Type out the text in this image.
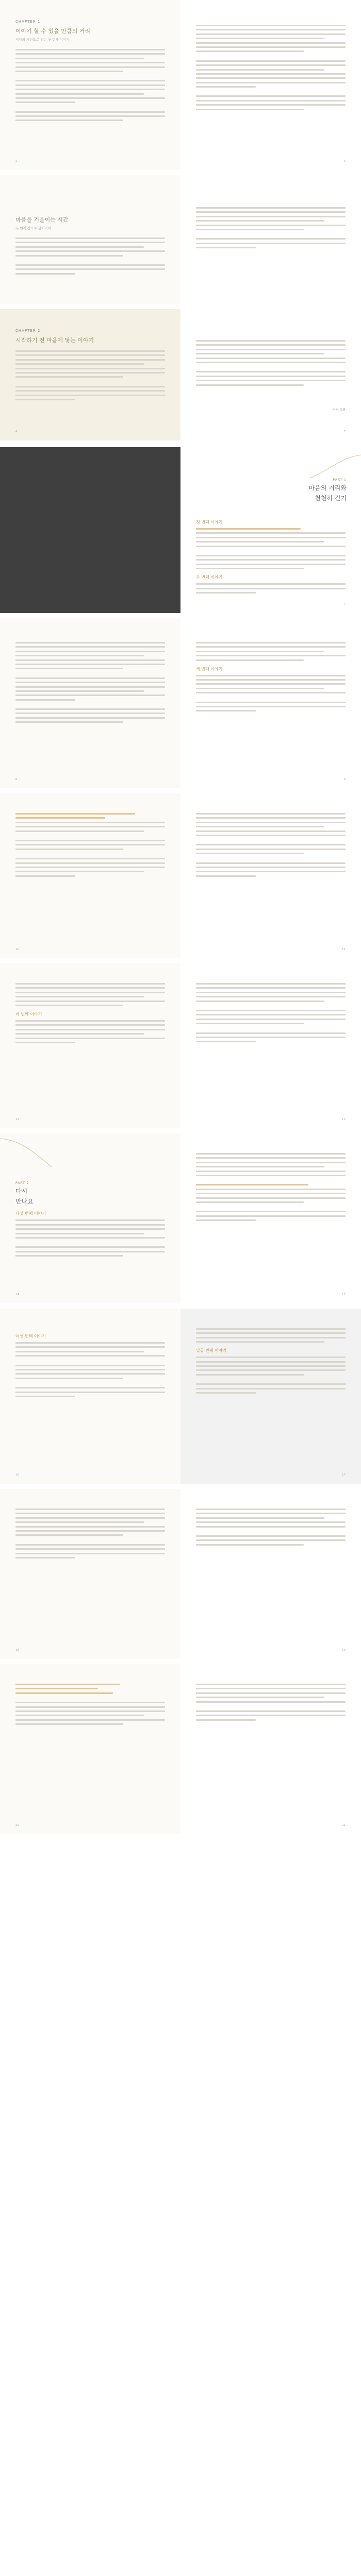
CHAPTER 1
이야기 할 수 있을 만큼의 거리
저자의 시선으로 읽는 첫 번째 이야기
2	3
마음을 기울이는 시간
두 번째 장으로 넘어가며
CHAPTER 2
시작하기 전 마음에 닿는 이야기
4
저자 드림
5
PART 1
마음의 거리와
천천히 걷기
첫 번째 이야기
두 번째 이야기
7
8
세 번째 이야기
9
10	11
네 번째 이야기
12	13
PART 2
다시
만나요
다섯 번째 이야기
14	15
여섯 번째 이야기
16
일곱 번째 이야기
17
18	19
20	21
